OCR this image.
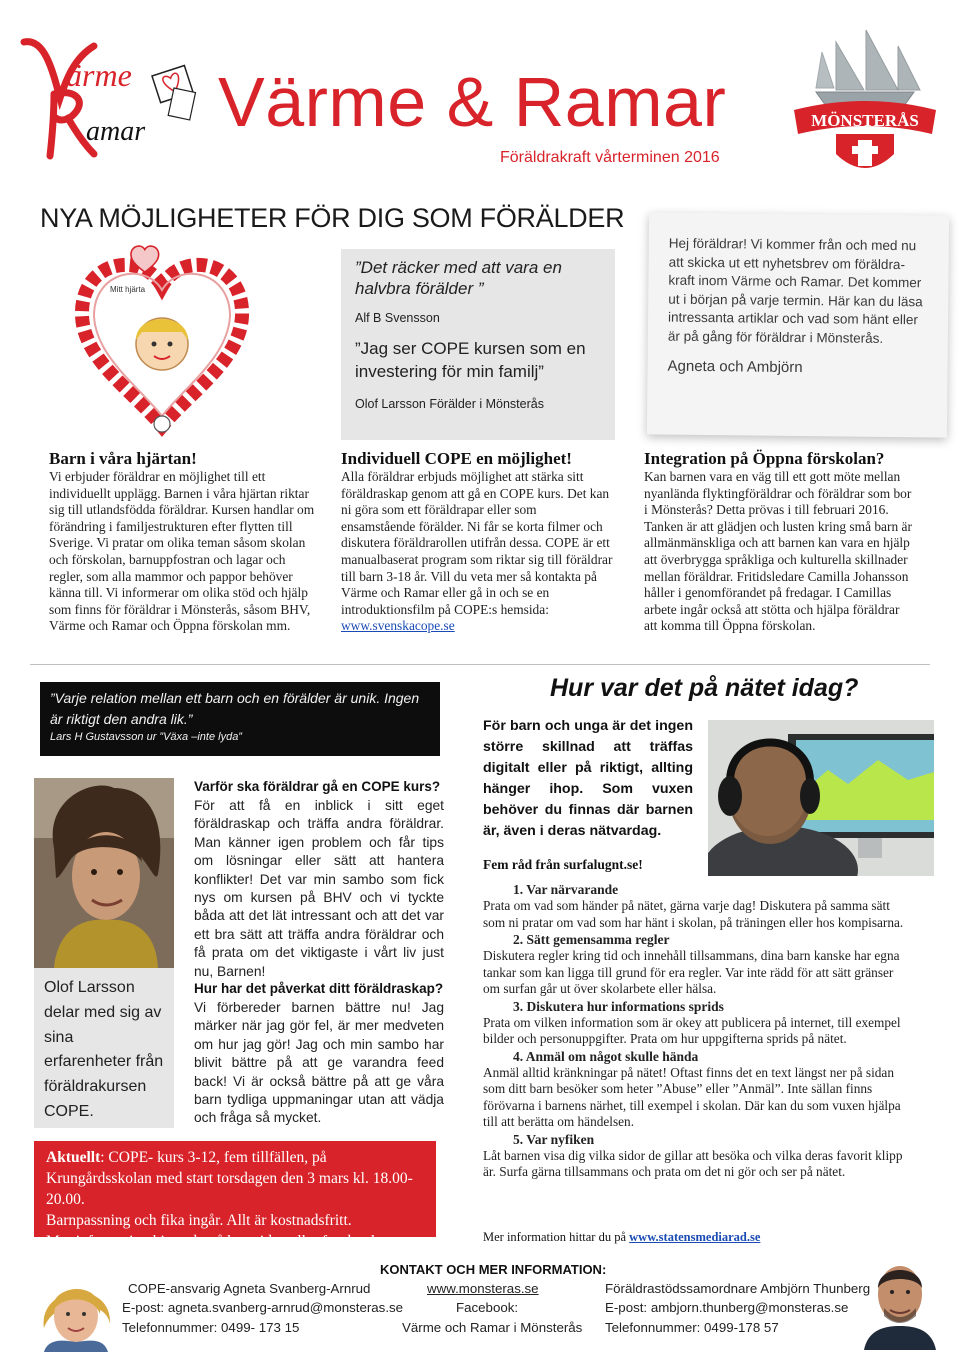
ärme
amar Värme & Ramar
Föräldrakraft vårterminen 2016
MÖNSTERÅS
NYA MÖJLIGHETER FÖR DIG SOM FÖRÄLDER
Mitt hjärta
”Det räcker med att vara en halvbra förälder ”
Alf B Svensson
”Jag ser COPE kursen som en investering för min familj”
Olof Larsson Förälder i Mönsterås
Hej föräldrar! Vi kommer från och med nu att skicka ut ett nyhetsbrev om föräldra-kraft inom Värme och Ramar. Det kommer ut i början på varje termin. Här kan du läsa intressanta artiklar och vad som hänt eller är på gång för föräldrar i Mönsterås.
Agneta och Ambjörn
Barn i våra hjärtan!
Vi erbjuder föräldrar en möjlighet till ett individuellt upplägg. Barnen i våra hjärtan riktar sig till utlandsfödda föräldrar. Kursen handlar om förändring i familjestrukturen efter flytten till Sverige. Vi pratar om olika teman såsom skolan och förskolan, barnuppfostran och lagar och regler, som alla mammor och pappor behöver känna till. Vi informerar om olika stöd och hjälp som finns för föräldrar i Mönsterås, såsom BHV, Värme och Ramar och Öppna förskolan mm.
Individuell COPE en möjlighet!
Alla föräldrar erbjuds möjlighet att stärka sitt föräldraskap genom att gå en COPE kurs. Det kan ni göra som ett föräldrapar eller som ensamstående förälder. Ni får se korta filmer och diskutera föräldrarollen utifrån dessa. COPE är ett manualbaserat program som riktar sig till föräldrar till barn 3-18 år. Vill du veta mer så kontakta på Värme och Ramar eller gå in och se en introduktionsfilm på COPE:s hemsida: www.svenskacope.se
Integration på Öppna förskolan?
Kan barnen vara en väg till ett gott möte mellan nyanlända flyktingföräldrar och föräldrar som bor i Mönsterås? Detta prövas i till februari 2016. Tanken är att glädjen och lusten kring små barn är allmänmänskliga och att barnen kan vara en hjälp att överbrygga språkliga och kulturella skillnader mellan föräldrar. Fritidsledare Camilla Johansson håller i genomförandet på fredagar. I Camillas arbete ingår också att stötta och hjälpa föräldrar att komma till Öppna förskolan.
”Varje relation mellan ett barn och en förälder är unik. Ingen är riktigt den andra lik.”
Lars H Gustavsson ur ”Växa –inte lyda”
Olof Larsson delar med sig av sina erfarenheter från föräldrakursen COPE.
Varför ska föräldrar gå en COPE kurs?
För att få en inblick i sitt eget föräldraskap och träffa andra föräldrar. Man känner igen problem och får tips om lösningar eller sätt att hantera konflikter! Det var min sambo som fick nys om kursen på BHV och vi tyckte båda att det lät intressant och att det var ett bra sätt att träffa andra föräldrar och få prata om det viktigaste i vårt liv just nu, Barnen!
Hur har det påverkat ditt föräldraskap?
Vi förbereder barnen bättre nu! Jag märker när jag gör fel, är mer medveten om hur jag gör! Jag och min sambo har blivit bättre på att ge varandra feed back! Vi är också bättre på att ge våra barn tydliga uppmaningar utan att vädja och fråga så mycket.
Aktuellt: COPE- kurs 3-12, fem tillfällen, på Krungårdsskolan med start torsdagen den 3 mars kl. 18.00-20.00.
Barnpassning och fika ingår. Allt är kostnadsfritt.
Mer information hittar du på hemsidan eller facebook.
Hur var det på nätet idag?
För barn och unga är det ingen större skillnad att träffas digitalt eller på riktigt, allting hänger ihop. Som vuxen behöver du finnas där barnen är, även i deras nätvardag.
Fem råd från surfalugnt.se!
1. Var närvarande
Prata om vad som händer på nätet, gärna varje dag! Diskutera på samma sätt som ni pratar om vad som har hänt i skolan, på träningen eller hos kompisarna.
2. Sätt gemensamma regler
Diskutera regler kring tid och innehåll tillsammans, dina barn kanske har egna tankar som kan ligga till grund för era regler. Var inte rädd för att sätt gränser om surfan går ut över skolarbete eller hälsa.
3. Diskutera hur informations sprids
Prata om vilken information som är okey att publicera på internet, till exempel bilder och personuppgifter. Prata om hur uppgifterna sprids på nätet.
4. Anmäl om något skulle hända
Anmäl alltid kränkningar på nätet! Oftast finns det en text längst ner på sidan som ditt barn besöker som heter ”Abuse” eller ”Anmäl”. Inte sällan finns förövarna i barnens närhet, till exempel i skolan. Där kan du som vuxen hjälpa till att berätta om händelsen.
5. Var nyfiken
Låt barnen visa dig vilka sidor de gillar att besöka och vilka deras favorit klipp är. Surfa gärna tillsammans och prata om det ni gör och ser på nätet.
Mer information hittar du på www.statensmediarad.se
KONTAKT OCH MER INFORMATION:
COPE-ansvarig Agneta Svanberg-Arnrud
E-post: agneta.svanberg-arnrud@monsteras.se
Telefonnummer: 0499- 173 15
www.monsteras.se
Facebook:
Värme och Ramar i Mönsterås
Föräldrastödssamordnare Ambjörn Thunberg
E-post: ambjorn.thunberg@monsteras.se
Telefonnummer: 0499-178 57
